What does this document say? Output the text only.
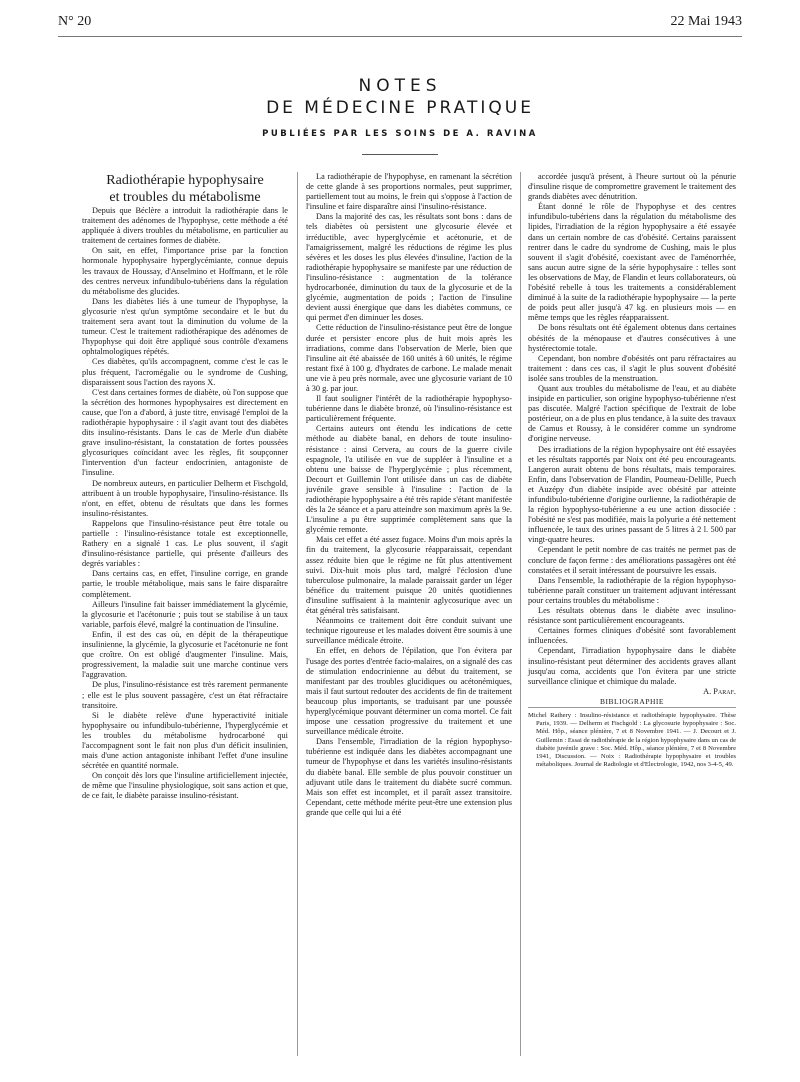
N° 20	22 Mai 1943
NOTES
DE MÉDECINE PRATIQUE
PUBLIÉES PAR LES SOINS DE A. RAVINA

Radiothérapie hypophysaire
et troubles du métabolisme

Depuis que Béclère a introduit la radiothérapie dans le traitement des adénomes de l'hypophyse, cette méthode a été appliquée à divers troubles du métabolisme, en particulier au traitement de certaines formes de diabète.

On sait, en effet, l'importance prise par la fonction hormonale hypophysaire hyperglycémiante, connue depuis les travaux de Houssay, d'Anselmino et Hoffmann, et le rôle des centres nerveux infundibulo-tubériens dans la régulation du métabolisme des glucides.

Dans les diabètes liés à une tumeur de l'hypophyse, la glycosurie n'est qu'un symptôme secondaire et le but du traitement sera avant tout la diminution du volume de la tumeur. C'est le traitement radiothérapique des adénomes de l'hypophyse qui doit être appliqué sous contrôle d'examens ophtalmologiques répétés.

Ces diabètes, qu'ils accompagnent, comme c'est le cas le plus fréquent, l'acromégalie ou le syndrome de Cushing, disparaissent sous l'action des rayons X.

C'est dans certaines formes de diabète, où l'on suppose que la sécrétion des hormones hypophysaires est directement en cause, que l'on a d'abord, à juste titre, envisagé l'emploi de la radiothérapie hypophysaire : il s'agit avant tout des diabètes dits insulino-résistants. Dans le cas de Merle d'un diabète grave insulino-résistant, la constatation de fortes poussées glycosuriques coïncidant avec les règles, fit soupçonner l'intervention d'un facteur endocrinien, antagoniste de l'insuline.

De nombreux auteurs, en particulier Delherm et Fischgold, attribuent à un trouble hypophysaire, l'insulino-résistance. Ils n'ont, en effet, obtenu de résultats que dans les formes insulino-résistantes.

Rappelons que l'insulino-résistance peut être totale ou partielle : l'insulino-résistance totale est exceptionnelle, Rathery en a signalé 1 cas. Le plus souvent, il s'agit d'insulino-résistance partielle, qui présente d'ailleurs des degrés variables :

Dans certains cas, en effet, l'insuline corrige, en grande partie, le trouble métabolique, mais sans le faire disparaître complètement.

Ailleurs l'insuline fait baisser immédiatement la glycémie, la glycosurie et l'acétonurie ; puis tout se stabilise à un taux variable, parfois élevé, malgré la continuation de l'insuline.

Enfin, il est des cas où, en dépit de la thérapeutique insulinienne, la glycémie, la glycosurie et l'acétonurie ne font que croître. On est obligé d'augmenter l'insuline. Mais, progressivement, la maladie suit une marche continue vers l'aggravation.

De plus, l'insulino-résistance est très rarement permanente ; elle est le plus souvent passagère, c'est un état réfractaire transitoire.

Si le diabète relève d'une hyperactivité initiale hypophysaire ou infundibulo-tubérienne, l'hyperglycémie et les troubles du métabolisme hydrocarboné qui l'accompagnent sont le fait non plus d'un déficit insulinien, mais d'une action antagoniste inhibant l'effet d'une insuline sécrétée en quantité normale.

On conçoit dès lors que l'insuline artificiellement injectée, de même que l'insuline physiologique, soit sans action et que, de ce fait, le diabète paraisse insulino-résistant.

La radiothérapie de l'hypophyse, en ramenant la sécrétion de cette glande à ses proportions normales, peut supprimer, partiellement tout au moins, le frein qui s'oppose à l'action de l'insuline et faire disparaître ainsi l'insulino-résistance.

Dans la majorité des cas, les résultats sont bons : dans de tels diabètes où persistent une glycosurie élevée et irréductible, avec hyperglycémie et acétonurie, et de l'amaigrissement, malgré les réductions de régime les plus sévères et les doses les plus élevées d'insuline, l'action de la radiothérapie hypophysaire se manifeste par une réduction de l'insulino-résistance : augmentation de la tolérance hydrocarbonée, diminution du taux de la glycosurie et de la glycémie, augmentation de poids ; l'action de l'insuline devient aussi énergique que dans les diabètes communs, ce qui permet d'en diminuer les doses.

Cette réduction de l'insulino-résistance peut être de longue durée et persister encore plus de huit mois après les irradiations, comme dans l'observation de Merle, bien que l'insuline ait été abaissée de 160 unités à 60 unités, le régime restant fixé à 100 g. d'hydrates de carbone. Le malade menait une vie à peu près normale, avec une glycosurie variant de 10 à 30 g. par jour.

Il faut souligner l'intérêt de la radiothérapie hypophyso-tubérienne dans le diabète bronzé, où l'insulino-résistance est particulièrement fréquente.

Certains auteurs ont étendu les indications de cette méthode au diabète banal, en dehors de toute insulino-résistance : ainsi Cervera, au cours de la guerre civile espagnole, l'a utilisée en vue de suppléer à l'insuline et a obtenu une baisse de l'hyperglycémie ; plus récemment, Decourt et Guillemin l'ont utilisée dans un cas de diabète juvénile grave sensible à l'insuline : l'action de la radiothérapie hypophysaire a été très rapide s'étant manifestée dès la 2e séance et a paru atteindre son maximum après la 9e. L'insuline a pu être supprimée complètement sans que la glycémie remonte.

Mais cet effet a été assez fugace. Moins d'un mois après la fin du traitement, la glycosurie réapparaissait, cependant assez réduite bien que le régime ne fût plus attentivement suivi. Dix-huit mois plus tard, malgré l'éclosion d'une tuberculose pulmonaire, la malade paraissait garder un léger bénéfice du traitement puisque 20 unités quotidiennes d'insuline suffisaient à la maintenir aglycosurique avec un état général très satisfaisant.

Néanmoins ce traitement doit être conduit suivant une technique rigoureuse et les malades doivent être soumis à une surveillance médicale étroite.

En effet, en dehors de l'épilation, que l'on évitera par l'usage des portes d'entrée facio-malaires, on a signalé des cas de stimulation endocrinienne au début du traitement, se manifestant par des troubles glucidiques ou acétonémiques, mais il faut surtout redouter des accidents de fin de traitement beaucoup plus importants, se traduisant par une poussée hyperglycémique pouvant déterminer un coma mortel. Ce fait impose une cessation progressive du traitement et une surveillance médicale étroite.

Dans l'ensemble, l'irradiation de la région hypophyso-tubérienne est indiquée dans les diabètes accompagnant une tumeur de l'hypophyse et dans les variétés insulino-résistants du diabète banal. Elle semble de plus pouvoir constituer un adjuvant utile dans le traitement du diabète sucré commun. Mais son effet est incomplet, et il paraît assez transitoire. Cependant, cette méthode mérite peut-être une extension plus grande que celle qui lui a été

accordée jusqu'à présent, à l'heure surtout où la pénurie d'insuline risque de compromettre gravement le traitement des grands diabètes avec dénutrition.

Étant donné le rôle de l'hypophyse et des centres infundibulo-tubériens dans la régulation du métabolisme des lipides, l'irradiation de la région hypophysaire a été essayée dans un certain nombre de cas d'obésité. Certains paraissent rentrer dans le cadre du syndrome de Cushing, mais le plus souvent il s'agit d'obésité, coexistant avec de l'aménorrhée, sans aucun autre signe de la série hypophysaire : telles sont les observations de May, de Flandin et leurs collaborateurs, où l'obésité rebelle à tous les traitements a considérablement diminué à la suite de la radiothérapie hypophysaire — la perte de poids peut aller jusqu'à 47 kg. en plusieurs mois — en même temps que les règles réapparaissent.

De bons résultats ont été également obtenus dans certaines obésités de la ménopause et d'autres consécutives à une hystérectomie totale.

Cependant, bon nombre d'obésités ont paru réfractaires au traitement : dans ces cas, il s'agit le plus souvent d'obésité isolée sans troubles de la menstruation.

Quant aux troubles du métabolisme de l'eau, et au diabète insipide en particulier, son origine hypophyso-tubérienne n'est pas discutée. Malgré l'action spécifique de l'extrait de lobe postérieur, on a de plus en plus tendance, à la suite des travaux de Camus et Roussy, à le considérer comme un syndrome d'origine nerveuse.

Des irradiations de la région hypophysaire ont été essayées et les résultats rapportés par Noix ont été peu encourageants. Langeron aurait obtenu de bons résultats, mais temporaires. Enfin, dans l'observation de Flandin, Poumeau-Delille, Puech et Auzépy d'un diabète insipide avec obésité par atteinte infundibulo-tubérienne d'origine ourlienne, la radiothérapie de la région hypophyso-tubérienne a eu une action dissociée : l'obésité ne s'est pas modifiée, mais la polyurie a été nettement influencée, le taux des urines passant de 5 litres à 2 l. 500 par vingt-quatre heures.

Cependant le petit nombre de cas traités ne permet pas de conclure de façon ferme : des améliorations passagères ont été constatées et il serait intéressant de poursuivre les essais.

Dans l'ensemble, la radiothérapie de la région hypophyso-tubérienne paraît constituer un traitement adjuvant intéressant pour certains troubles du métabolisme :

Les résultats obtenus dans le diabète avec insulino-résistance sont particulièrement encourageants.

Certaines formes cliniques d'obésité sont favorablement influencées.

Cependant, l'irradiation hypophysaire dans le diabète insulino-résistant peut déterminer des accidents graves allant jusqu'au coma, accidents que l'on évitera par une stricte surveillance clinique et chimique du malade.

A. Paraf.

BIBLIOGRAPHIE

Michel Rathery : Insulino-résistance et radiothérapie hypophysaire. Thèse Paris, 1939. — Delherm et Fischgold : La glycosurie hypophysaire : Soc. Méd. Hôp., séance plénière, 7 et 8 Novembre 1941. — J. Decourt et J. Guillemin : Essai de radiothérapie de la région hypophysaire dans un cas de diabète juvénile grave : Soc. Méd. Hôp., séance plénière, 7 et 8 Novembre 1941, Discussion. — Noix : Radiothérapie hypophysaire et troubles métaboliques. Journal de Radiologie et d'Electrologie, 1942, nos 3-4-5, 49.
